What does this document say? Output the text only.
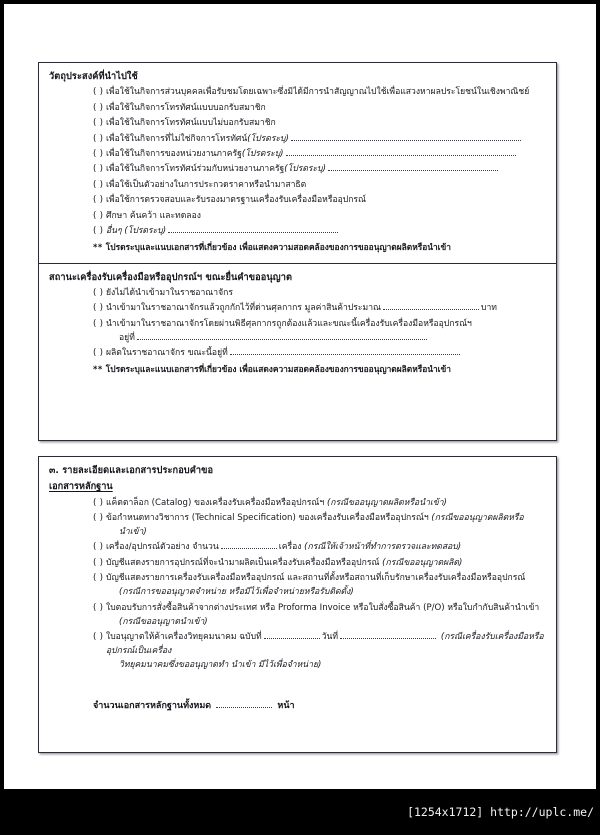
วัตถุประสงค์ที่นำไปใช้
( ) เพื่อใช้ในกิจการส่วนบุคคลเพื่อรับชมโดยเฉพาะซึ่งมิได้มีการนำสัญญาณไปใช้เพื่อแสวงหาผลประโยชน์ในเชิงพาณิชย์
( ) เพื่อใช้ในกิจการโทรทัศน์แบบบอกรับสมาชิก
( ) เพื่อใช้ในกิจการโทรทัศน์แบบไม่บอกรับสมาชิก
( ) เพื่อใช้ในกิจการที่ไม่ใช่กิจการโทรทัศน์(โปรดระบุ)
( ) เพื่อใช้ในกิจการของหน่วยงานภาครัฐ(โปรดระบุ)
( ) เพื่อใช้ในกิจการโทรทัศน์ร่วมกับหน่วยงานภาครัฐ(โปรดระบุ)
( ) เพื่อใช้เป็นตัวอย่างในการประกวดราคาหรือนำมาสาธิต
( ) เพื่อใช้การตรวจสอบและรับรองมาตรฐานเครื่องรับเครื่องมือหรืออุปกรณ์
( ) ศึกษา ค้นคว้า และทดลอง
( ) อื่นๆ (โปรดระบุ)
** โปรดระบุและแนบเอกสารที่เกี่ยวข้อง เพื่อแสดงความสอดคล้องของการขออนุญาตผลิตหรือนำเข้า
สถานะเครื่องรับเครื่องมือหรืออุปกรณ์ฯ ขณะยื่นคำขออนุญาต
( ) ยังไม่ได้นำเข้ามาในราชอาณาจักร
( ) นำเข้ามาในราชอาณาจักรแล้วถูกกักไว้ที่ด่านศุลกากร มูลค่าสินค้าประมาณ	บาท
( ) นำเข้ามาในราชอาณาจักรโดยผ่านพิธีศุลกากรถูกต้องแล้วและขณะนี้เครื่องรับเครื่องมือหรืออุปกรณ์ฯ
อยู่ที่
( ) ผลิตในราชอาณาจักร ขณะนี้อยู่ที่
** โปรดระบุและแนบเอกสารที่เกี่ยวข้อง เพื่อแสดงความสอดคล้องของการขออนุญาตผลิตหรือนำเข้า
๓. รายละเอียดและเอกสารประกอบคำขอ
เอกสารหลักฐาน
( ) แค็ตตาล็อก (Catalog) ของเครื่องรับเครื่องมือหรืออุปกรณ์ฯ (กรณีขออนุญาตผลิตหรือนำเข้า)
( ) ข้อกำหนดทางวิชาการ (Technical Specification) ของเครื่องรับเครื่องมือหรืออุปกรณ์ฯ (กรณีขออนุญาตผลิตหรือ
นำเข้า)
( ) เครื่อง/อุปกรณ์ตัวอย่าง จำนวน	เครื่อง (กรณีให้เจ้าหน้าที่ทำการตรวจและทดสอบ)
( ) บัญชีแสดงรายการอุปกรณ์ที่จะนำมาผลิตเป็นเครื่องรับเครื่องมือหรืออุปกรณ์ (กรณีขออนุญาตผลิต)
( ) บัญชีแสดงรายการเครื่องรับเครื่องมือหรืออุปกรณ์ และสถานที่ตั้งหรือสถานที่เก็บรักษาเครื่องรับเครื่องมือหรืออุปกรณ์
(กรณีการขออนุญาตจำหน่าย หรือมีไว้เพื่อจำหน่ายหรือรับติดตั้ง)
( ) ใบตอบรับการสั่งซื้อสินค้าจากต่างประเทศ หรือ Proforma Invoice หรือใบสั่งซื้อสินค้า (P/O) หรือใบกำกับสินค้านำเข้า
(กรณีขออนุญาตนำเข้า)
( ) ใบอนุญาตให้ค้าเครื่องวิทยุคมนาคม ฉบับที่	วันที่	(กรณีเครื่องรับเครื่องมือหรืออุปกรณ์เป็นเครื่อง
วิทยุคมนาคมซึ่งขออนุญาตทำ นำเข้า มีไว้เพื่อจำหน่าย)
จำนวนเอกสารหลักฐานทั้งหมด	หน้า
[1254x1712] http://uplc.me/
